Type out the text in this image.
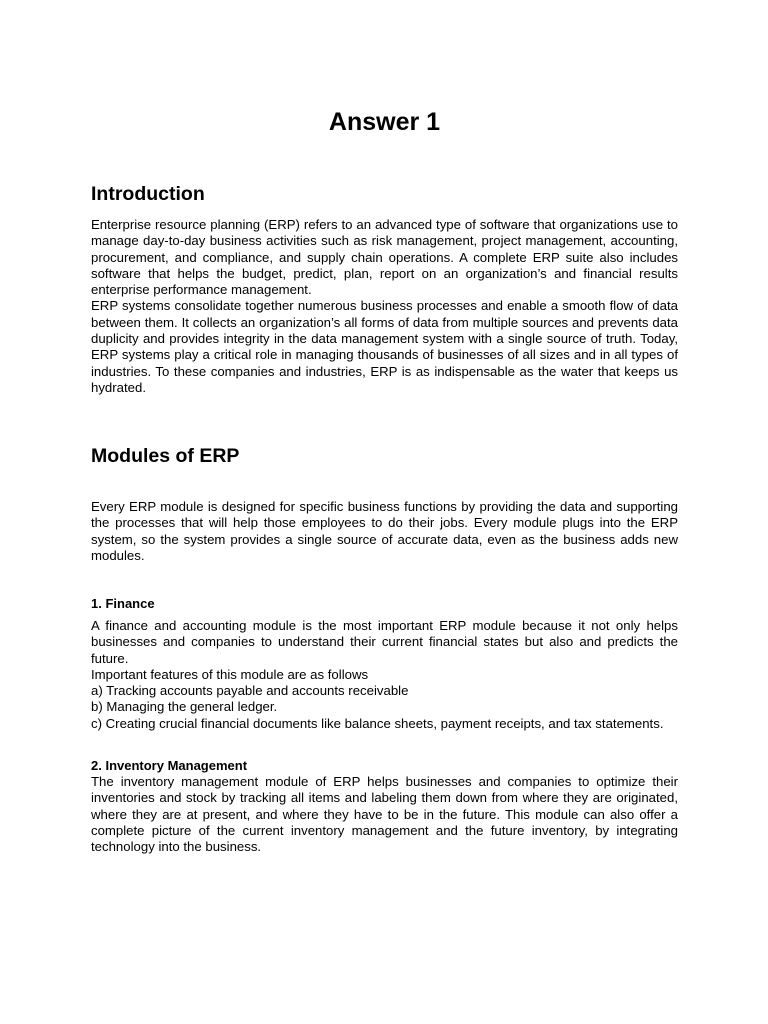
Answer 1
Introduction

Enterprise resource planning (ERP) refers to an advanced type of software that organizations use to manage day-to-day business activities such as risk management, project management, accounting, procurement, and compliance, and supply chain operations. A complete ERP suite also includes software that helps the budget, predict, plan, report on an organization’s and financial results enterprise performance management.

ERP systems consolidate together numerous business processes and enable a smooth flow of data between them. It collects an organization’s all forms of data from multiple sources and prevents data duplicity and provides integrity in the data management system with a single source of truth. Today, ERP systems play a critical role in managing thousands of businesses of all sizes and in all types of industries. To these companies and industries, ERP is as indispensable as the water that keeps us hydrated.

Modules of ERP

Every ERP module is designed for specific business functions by providing the data and supporting the processes that will help those employees to do their jobs. Every module plugs into the ERP system, so the system provides a single source of accurate data, even as the business adds new modules.

1. Finance

A finance and accounting module is the most important ERP module because it not only helps businesses and companies to understand their current financial states but also and predicts the future.

Important features of this module are as follows

a) Tracking accounts payable and accounts receivable

b) Managing the general ledger.

c) Creating crucial financial documents like balance sheets, payment receipts, and tax statements.

2. Inventory Management

The inventory management module of ERP helps businesses and companies to optimize their inventories and stock by tracking all items and labeling them down from where they are originated, where they are at present, and where they have to be in the future. This module can also offer a complete picture of the current inventory management and the future inventory, by integrating technology into the business.
